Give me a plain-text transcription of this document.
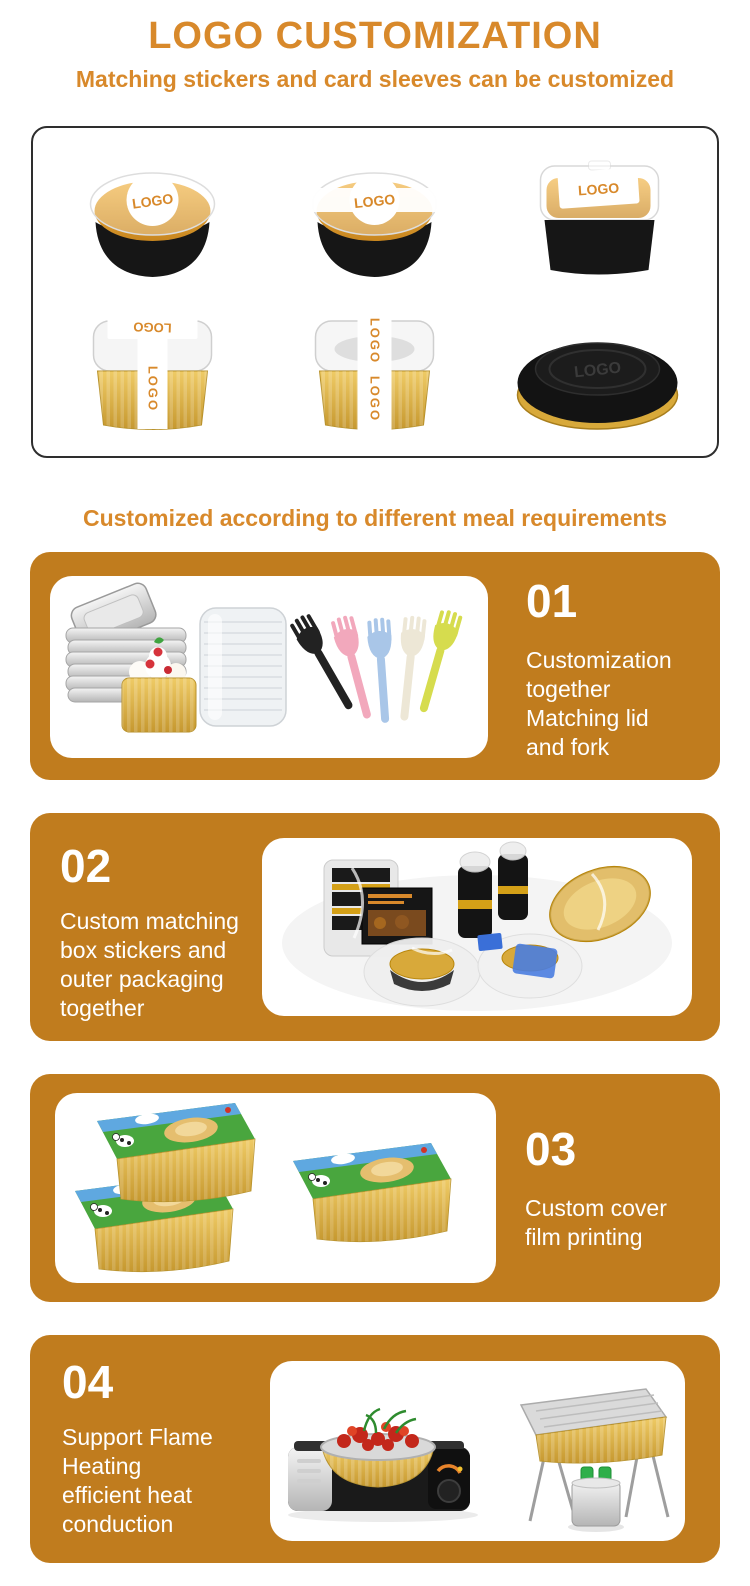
LOGO CUSTOMIZATION
Matching stickers and card sleeves can be customized
LOGO	LOGO
LOGO
LOGO
LOGO
LOGO
LOGO
LOGO
Customized according to different meal requirements
01
Customization
together
Matching lid
and fork
02
Custom matching
box stickers and
outer packaging
together
03
Custom cover
film printing
04
Support Flame
Heating
efficient heat
conduction
